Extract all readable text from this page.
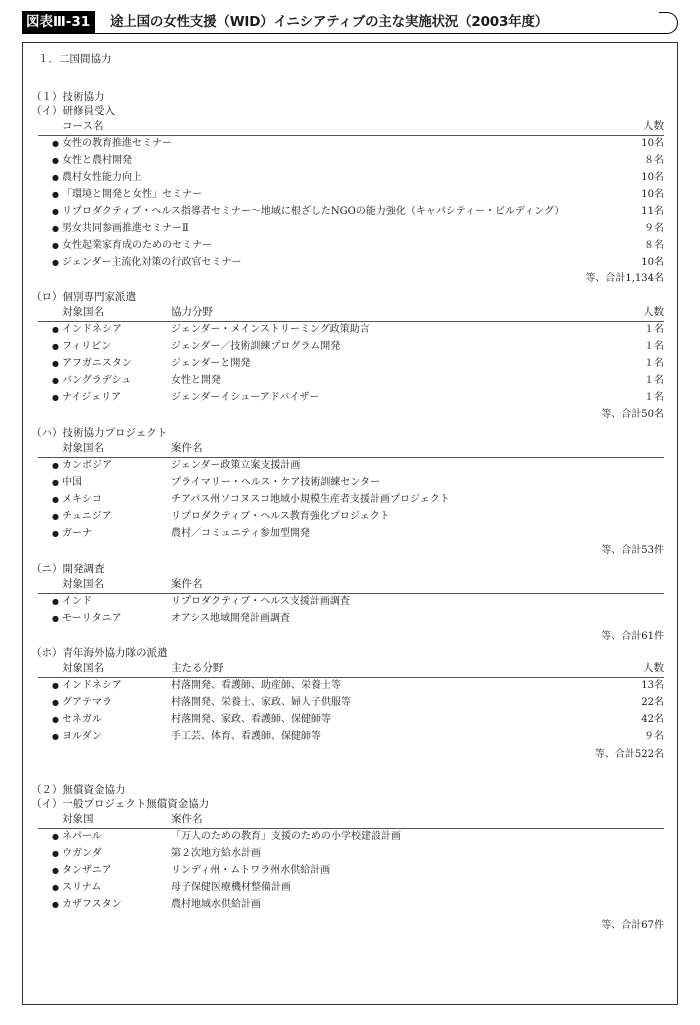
図表Ⅲ-31	途上国の女性支援（WID）イニシアティブの主な実施状況（2003年度）
１．二国間協力
（１）技術協力
（イ）研修員受入
コース名	人数
● 女性の教育推進セミナー	10名
● 女性と農村開発	８名
● 農村女性能力向上	10名
● 「環境と開発と女性」セミナー	10名
● リプロダクティブ・ヘルス指導者セミナー～地域に根ざしたNGOの能力強化（キャパシティー・ビルディング）	11名
● 男女共同参画推進セミナーⅡ	９名
● 女性起業家育成のためのセミナー	８名
● ジェンダー主流化対策の行政官セミナー	10名
等、合計1,134名
（ロ）個別専門家派遣
対象国名	協力分野	人数
● インドネシア	ジェンダー・メインストリーミング政策助言	１名
● フィリピン	ジェンダー／技術訓練プログラム開発	１名
● アフガニスタン	ジェンダーと開発	１名
● バングラデシュ	女性と開発	１名
● ナイジェリア	ジェンダーイシューアドバイザー	１名
等、合計50名
（ハ）技術協力プロジェクト
対象国名	案件名
● カンボジア	ジェンダー政策立案支援計画
● 中国	プライマリー・ヘルス・ケア技術訓練センター
● メキシコ	チアパス州ソコヌスコ地域小規模生産者支援計画プロジェクト
● チュニジア	リプロダクティブ・ヘルス教育強化プロジェクト
● ガーナ	農村／コミュニティ参加型開発
等、合計53件
（ニ）開発調査
対象国名	案件名
● インド	リプロダクティブ・ヘルス支援計画調査
● モーリタニア	オアシス地域開発計画調査
等、合計61件
（ホ）青年海外協力隊の派遣
対象国名	主たる分野	人数
● インドネシア	村落開発、看護師、助産師、栄養士等	13名
● グアテマラ	村落開発、栄養士、家政、婦人子供服等	22名
● セネガル	村落開発、家政、看護師、保健師等	42名
● ヨルダン	手工芸、体育、看護師、保健師等	９名
等、合計522名
（２）無償資金協力
（イ）一般プロジェクト無償資金協力
対象国	案件名
● ネパール	「万人のための教育」支援のための小学校建設計画
● ウガンダ	第２次地方給水計画
● タンザニア	リンディ州・ムトワラ州水供給計画
● スリナム	母子保健医療機材整備計画
● カザフスタン	農村地域水供給計画
等、合計67件
